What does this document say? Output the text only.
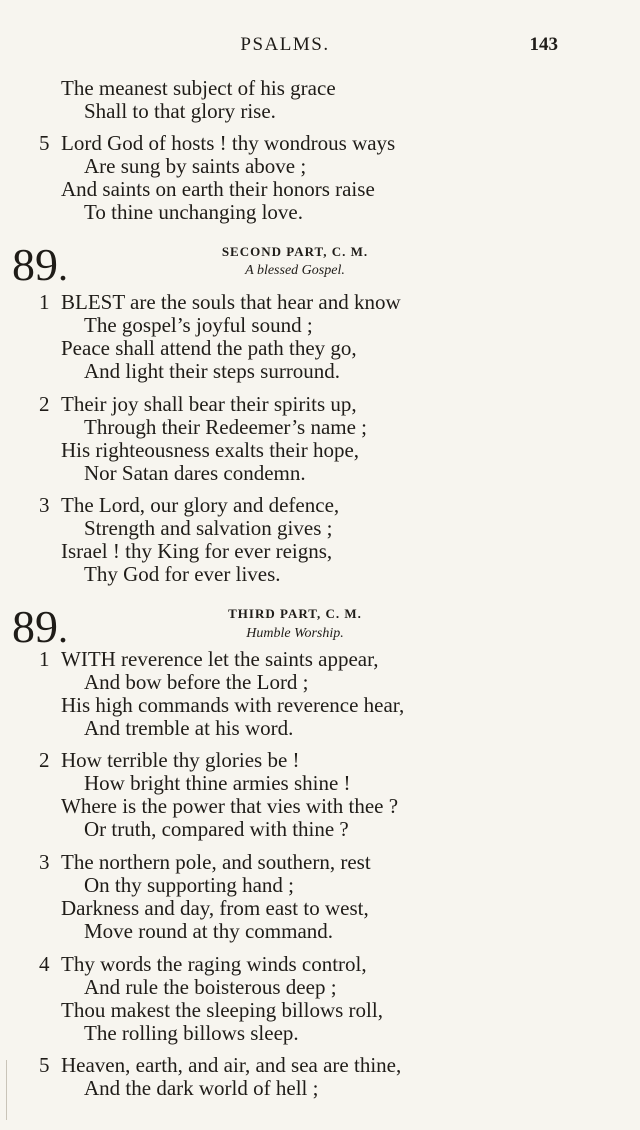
PSALMS.	143
The meanest subject of his grace
Shall to that glory rise.
5 Lord God of hosts ! thy wondrous ways
Are sung by saints above ;
And saints on earth their honors raise
To thine unchanging love.
89.	SECOND PART, C. M.
A blessed Gospel.
1 BLEST are the souls that hear and know
The gospel’s joyful sound ;
Peace shall attend the path they go,
And light their steps surround.
2 Their joy shall bear their spirits up,
Through their Redeemer’s name ;
His righteousness exalts their hope,
Nor Satan dares condemn.
3 The Lord, our glory and defence,
Strength and salvation gives ;
Israel ! thy King for ever reigns,
Thy God for ever lives.
89.	THIRD PART, C. M.
Humble Worship.
1 WITH reverence let the saints appear,
And bow before the Lord ;
His high commands with reverence hear,
And tremble at his word.
2 How terrible thy glories be !
How bright thine armies shine !
Where is the power that vies with thee ?
Or truth, compared with thine ?
3 The northern pole, and southern, rest
On thy supporting hand ;
Darkness and day, from east to west,
Move round at thy command.
4 Thy words the raging winds control,
And rule the boisterous deep ;
Thou makest the sleeping billows roll,
The rolling billows sleep.
5 Heaven, earth, and air, and sea are thine,
And the dark world of hell ;
